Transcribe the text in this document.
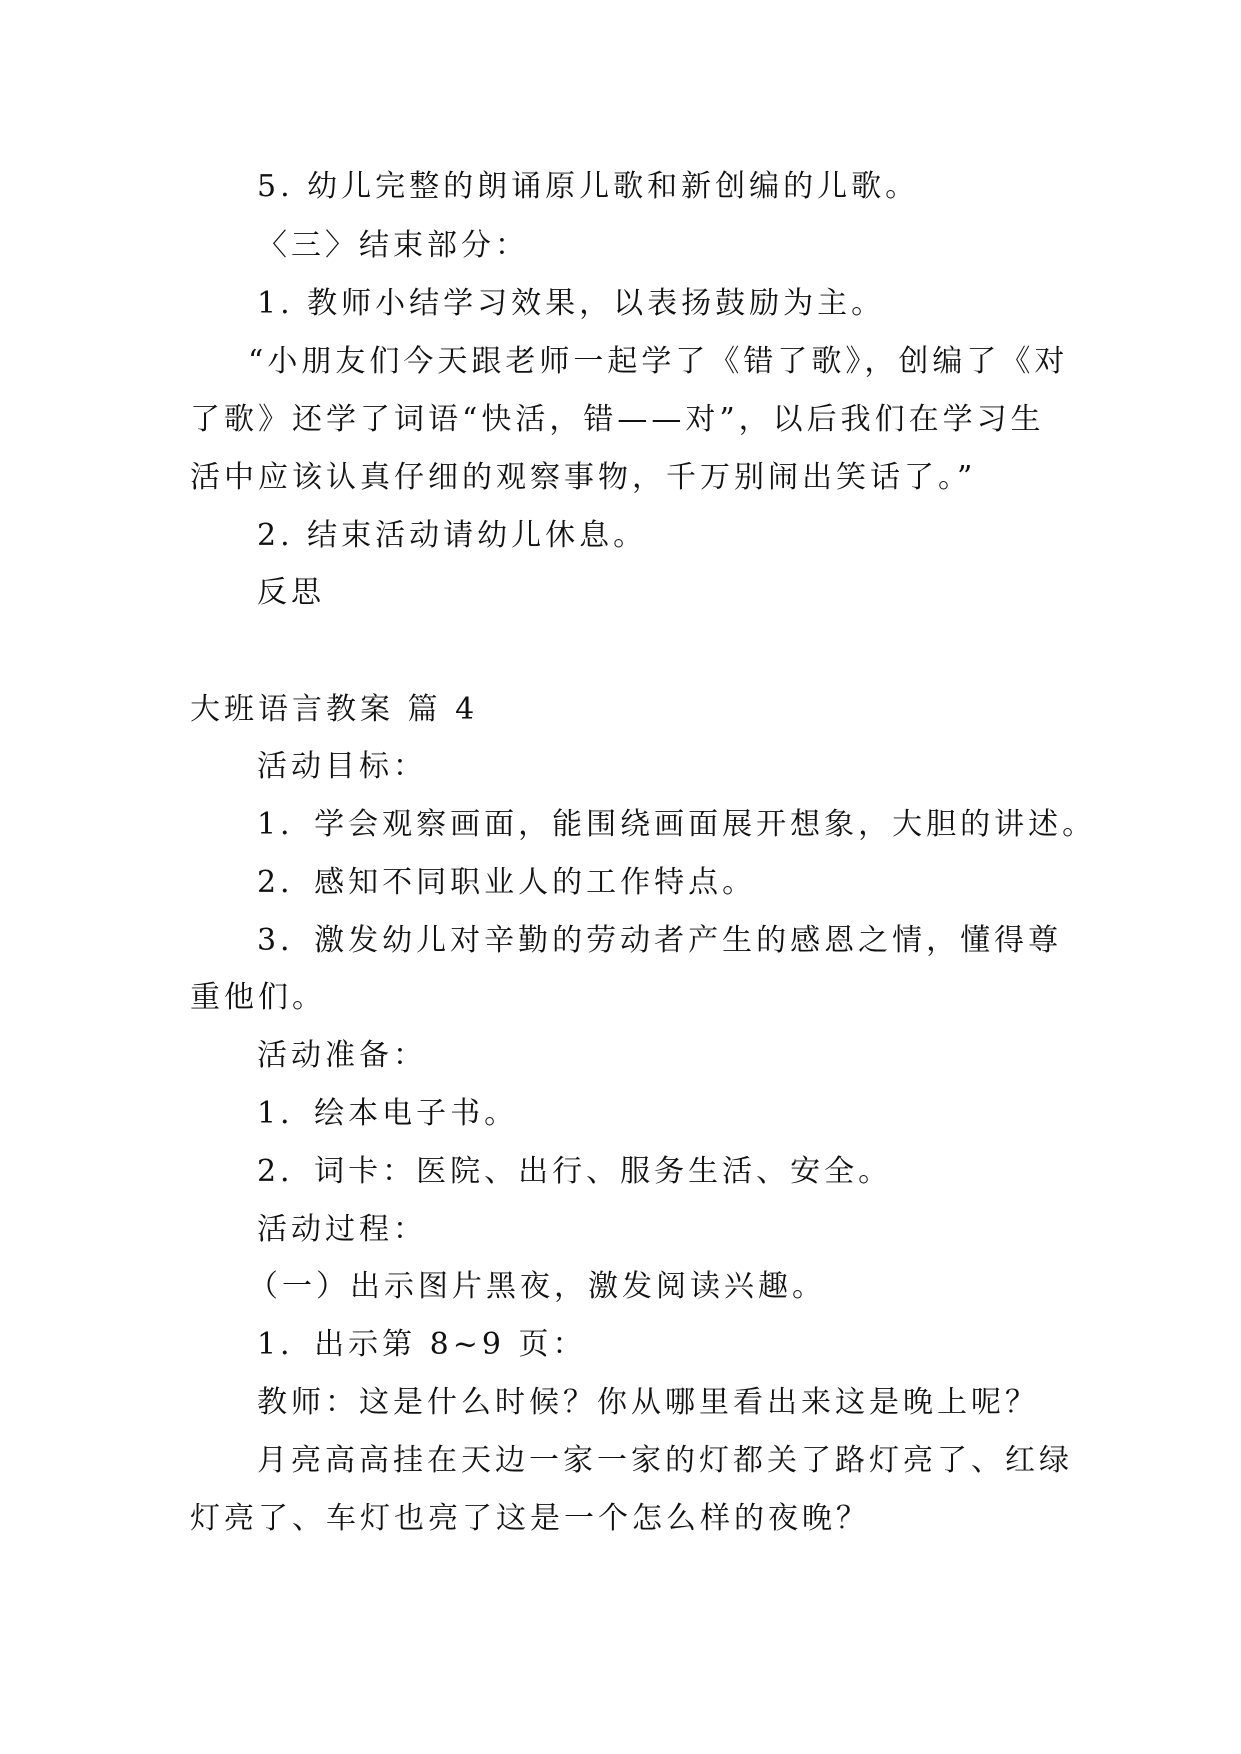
5. 幼儿完整的朗诵原儿歌和新创编的儿歌。
〈三〉结束部分：
1. 教师小结学习效果，以表扬鼓励为主。
“小朋友们今天跟老师一起学了《错了歌》，创编了《对
了歌》还学了词语“快活，错——对”，以后我们在学习生
活中应该认真仔细的观察事物，千万别闹出笑话了。”
2. 结束活动请幼儿休息。
反思
大班语言教案 篇 4
活动目标：
1．学会观察画面，能围绕画面展开想象，大胆的讲述。
2．感知不同职业人的工作特点。
3．激发幼儿对辛勤的劳动者产生的感恩之情，懂得尊
重他们。
活动准备：
1．绘本电子书。
2．词卡：医院、出行、服务生活、安全。
活动过程：
（一）出示图片黑夜，激发阅读兴趣。
1．出示第 8~9 页：
教师：这是什么时候？你从哪里看出来这是晚上呢？
月亮高高挂在天边一家一家的灯都关了路灯亮了、红绿
灯亮了、车灯也亮了这是一个怎么样的夜晚？
